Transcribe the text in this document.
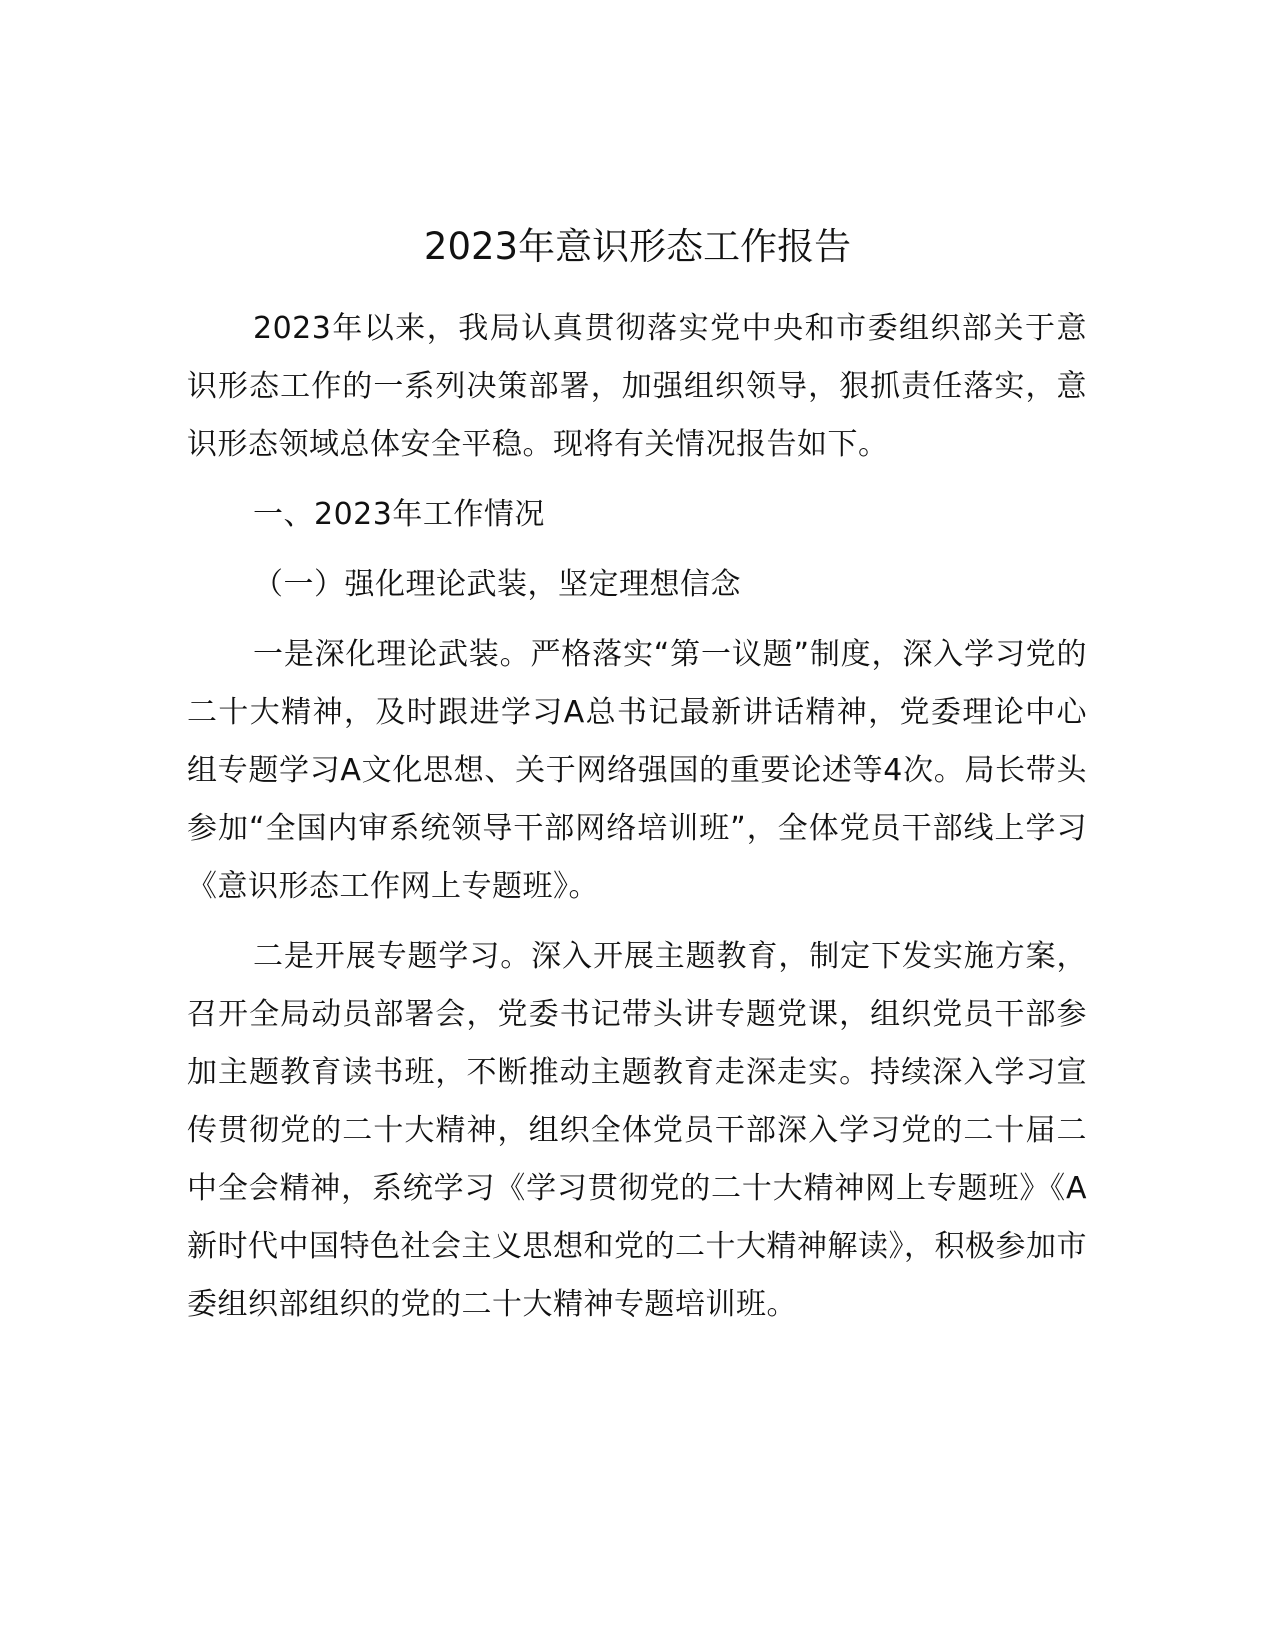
2023年意识形态工作报告

2023年以来，我局认真贯彻落实党中央和市委组织部关于意识形态工作的一系列决策部署，加强组织领导，狠抓责任落实，意识形态领域总体安全平稳。现将有关情况报告如下。

一、2023年工作情况

（一）强化理论武装，坚定理想信念

一是深化理论武装。严格落实“第一议题”制度，深入学习党的二十大精神，及时跟进学习A总书记最新讲话精神，党委理论中心组专题学习A文化思想、关于网络强国的重要论述等4次。局长带头参加“全国内审系统领导干部网络培训班”，全体党员干部线上学习《意识形态工作网上专题班》。

二是开展专题学习。深入开展主题教育，制定下发实施方案，召开全局动员部署会，党委书记带头讲专题党课，组织党员干部参加主题教育读书班，不断推动主题教育走深走实。持续深入学习宣传贯彻党的二十大精神，组织全体党员干部深入学习党的二十届二中全会精神，系统学习《学习贯彻党的二十大精神网上专题班》《A新时代中国特色社会主义思想和党的二十大精神解读》，积极参加市委组织部组织的党的二十大精神专题培训班。
